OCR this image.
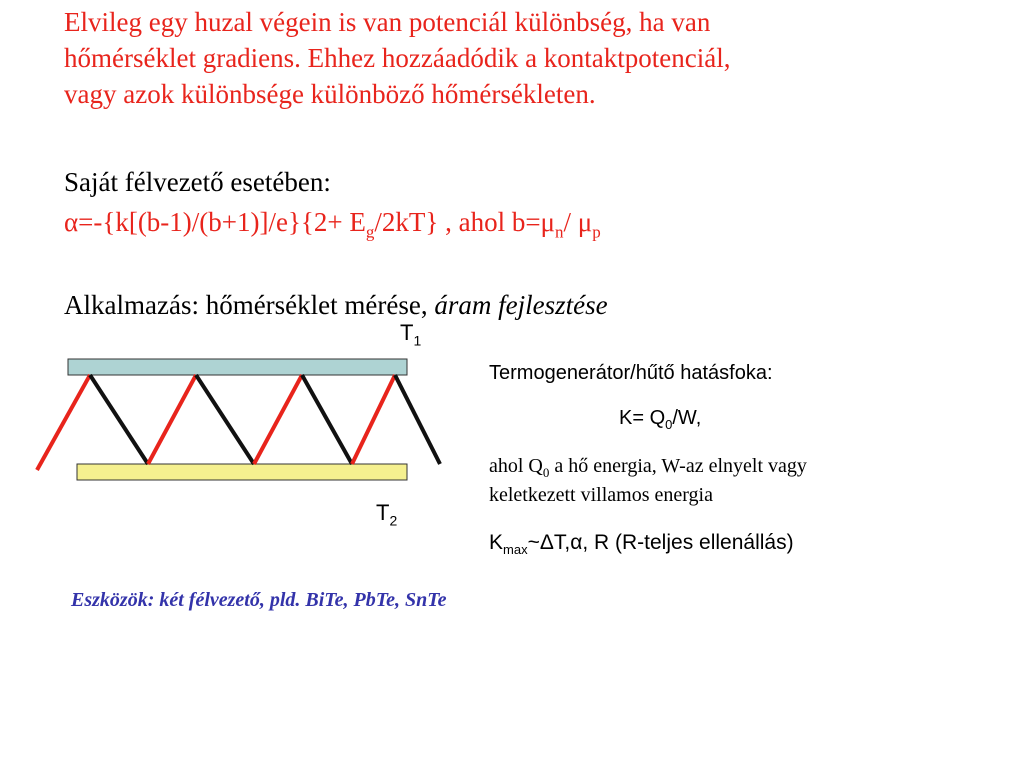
Elvileg egy huzal végein is van potenciál különbség, ha van
hőmérséklet gradiens. Ehhez hozzáadódik a kontaktpotenciál,
vagy azok különbsége különböző hőmérsékleten.
Saját félvezető esetében:
$\alpha=-\{k[(b-1)/(b+1)]/e\}\{2+ E_g/2kT\}$ , ahol $b=\mu_n/$ $\mu_p$
Alkalmazás: hőmérséklet mérése, áram fejlesztése
$T_1$
$T_2$
Termogenerátor/hűtő hatásfoka:
$K= Q_0/W$,
ahol $Q_0$ a hő energia, W-az elnyelt vagy
keletkezett villamos energia
$K_{max}\sim\Delta T,\alpha$, R (R-teljes ellenállás)
Eszközök: két félvezető, pld. BiTe, PbTe, SnTe
